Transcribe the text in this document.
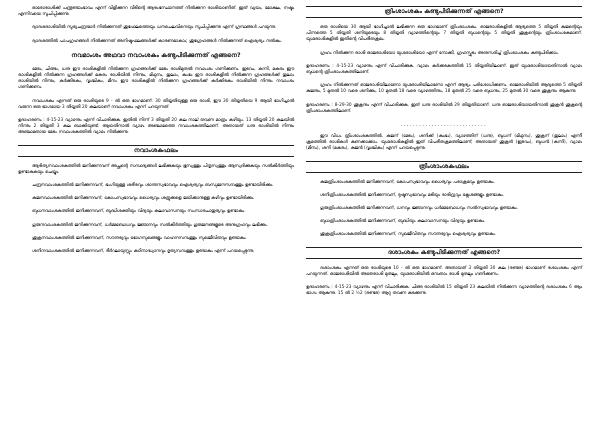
ഓരോരാശിക്ക് പന്ത്രണ്ടാംഭാവം എന്ന് വിളിക്കുന്ന വീടിന്റെ ആരംഭസ്ഥാനത്ത് നിൽക്കുന്ന രാശിയാണിത്. ഇത് വ്യയം, മോക്ഷം, നഷ്ടം എന്നിവയെ സൂചിപ്പിക്കുന്നു.

ദ്വാദശരാശിയിൽ സൂര്യചന്ദ്രന്മാർ നിൽക്കുന്നത് ശുഭഫലത്തെയും ധനചെലവിനെയും സൂചിപ്പിക്കുന്നു എന്ന് ഗ്രന്ഥങ്ങൾ പറയുന്നു.

ദ്വാദശത്തിൽ പാപഗ്രഹങ്ങൾ നിൽക്കുന്നത് അനിഷ്ടഫലങ്ങൾക്ക് കാരണമാകാം; ശുഭഗ്രഹങ്ങൾ നിൽക്കുന്നത് ഐശ്വര്യം നൽകും.

നവമാംശം അഥവാ നവാംശകം കണ്ടുപിടിക്കുന്നത് എങ്ങനെ?

മേടം, ചിങ്ങം, ധനു ഈ രാശികളിൽ നിൽക്കുന്ന ഗ്രഹങ്ങൾക്ക് മേടം രാശിമുതൽ നവാംശം ഗണിക്കണം. ഇടവം, കന്നി, മകരം ഈ രാശികളിൽ നിൽക്കുന്ന ഗ്രഹങ്ങൾക്ക് മകരം രാശിയിൽ നിന്നും, മിഥുനം, തുലാം, കുംഭം ഈ രാശികളിൽ നിൽക്കുന്ന ഗ്രഹങ്ങൾക്ക് തുലാം രാശിയിൽ നിന്നും, കർക്കിടകം, വൃശ്ചികം, മീനം ഈ രാശികളിൽ നിൽക്കുന്ന ഗ്രഹങ്ങൾക്ക് കർക്കിടകം രാശിയിൽ നിന്നും നവാംശം ഗണിക്കണം.

നവാംശകം എന്നത് ഒരു രാശിയുടെ 9 - ൽ ഒരു ഭാഗമാണ്. 30 തിയ്യതിയുള്ള ഒരു രാശി, ഈ 30 തിയ്യതിയെ 9 ആയി ഭാഗിച്ചാൽ വരുന്ന ഒരു ഭാഗമായ 3 തിയ്യതി 20 കലയാണ് നവാംശകം എന്ന് പറയുന്നത്.

ഉദാഹരണം : 4-15-23 വ്യാഴനും എന്ന് വിചാരിക്കുക. ഇതിൽ നിന്ന് 3 തിയ്യതി 20 കല നാല് തവണ മാത്രം കഴിയും. 13 തിയ്യതി 20 കലയിൽ നിന്നും 2 തിയ്യതി 3 കല ബാക്കിയുണ്ട്. ആയതിനാൽ വ്യാഴം അഞ്ചാമത്തെ നവാംശകത്തിലാണ്. അതായത് ധനു രാശിയിൽ നിന്നും അഞ്ചാമതായ മേടം നവാംശകത്തിൽ വ്യാഴം നിൽക്കുന്നു.

നവാംശകഫലം

ആദിത്യനവാംശകത്തിൽ ജനിക്കുന്നവന് അച്ഛന്റെ സമ്പാദ്യങ്ങൾ ലഭിക്കുകയും ഭൂസ്വത്തും പിതൃസ്വത്തും ആസ്വദിക്കുകയും സൽകീർത്തിയും ഉണ്ടാകുകയും ചെയ്യും.

ചന്ദ്രനവാംശകത്തിൽ ജനിക്കുന്നവന്, ഭംഗിയുള്ള ശരീരവും ശാന്തസ്വഭാവവും ഐശ്വര്യവും ബന്ധുജനസമ്പത്തും ഉണ്ടായിരിക്കും.

കുജനവാംശകത്തിൽ ജനിക്കുന്നവന്, കോപസ്വഭാവവും ധൈര്യവും ശത്രുക്കളെ ജയിക്കാനുള്ള കഴിവും ഉണ്ടായിരിക്കും.

ബുധനവാംശകത്തിൽ ജനിക്കുന്നവന്, ബുദ്ധിശക്തിയും വിദ്യയും കലാവാസനയും സംസാരചാതുര്യവും ഉണ്ടാകും.

ഗുരുനവാംശകത്തിൽ ജനിക്കുന്നവന്, ധർമ്മബോധവും ജ്ഞാനവും സൽകീർത്തിയും ഗുരുജനങ്ങളുടെ അനുഗ്രഹവും ലഭിക്കും.

ശുക്രനവാംശകത്തിൽ ജനിക്കുന്നവന്, സൗന്ദര്യവും ഭോഗസുഖങ്ങളും വാഹനസമ്പത്തും സുഖജീവിതവും ഉണ്ടാകും.

ശനിനവാംശകത്തിൽ ജനിക്കുന്നവന്, ദീർഘായുസ്സും കഠിനാദ്ധ്വാനവും ഭൃത്യസമ്പത്തും ഉണ്ടാകും എന്ന് പറയപ്പെടുന്നു.

ത്രിംശാംശകം കണ്ടുപിടിക്കുന്നത് എങ്ങനെ?

ഒരു രാശിയെ 30 ആയി ഭാഗിച്ചാൽ ലഭിക്കുന്ന ഒരു ഭാഗമാണ് ത്രിംശാംശകം. ഓജരാശികളിൽ ആദ്യത്തെ 5 തിയ്യതി കുജന്റെയും പിന്നത്തെ 5 തിയ്യതി ശനിയുടെയും 8 തിയ്യതി വ്യാഴത്തിന്റെയും 7 തിയ്യതി ബുധന്റെയും 5 തിയ്യതി ശുക്രന്റെയും ത്രിംശാംശകമാണ്. യുഗ്മരാശികളിൽ ഇതിന്റെ വിപരീതക്രമം.

ഗ്രഹം നിൽക്കുന്ന രാശി ഓജരാശിയോ യുഗ്മരാശിയോ എന്ന് നോക്കി, ഗ്രഹസ്ഫുടം അനുസരിച്ച് ത്രിംശാംശകം കണ്ടുപിടിക്കാം.

ഉദാഹരണം : 4-15-23 വ്യാഴനും എന്ന് വിചാരിക്കുക. വ്യാഴം കർക്കടകത്തിൽ 15 തിയ്യതിയിലാണ്. ഇത് യുഗ്മരാശിയായതിനാൽ വ്യാഴം ബുധന്റെ ത്രിംശാംശകത്തിലാണ്.

ഗ്രഹം നിൽക്കുന്നത് ഓജരാശിയിലാണോ യുഗ്മരാശിയിലാണോ എന്ന് ആദ്യം പരിശോധിക്കണം. ഓജരാശിയിൽ ആദ്യത്തെ 5 തിയ്യതി കുജനും, 5 മുതൽ 10 വരെ ശനിക്കും, 10 മുതൽ 18 വരെ വ്യാഴത്തിനും, 18 മുതൽ 25 വരെ ബുധനും, 25 മുതൽ 30 വരെ ശുക്രനും ആകുന്നു.

ഉദാഹരണം : 8-29-30 ശുക്രനും എന്ന് വിചാരിക്കുക. ഇത് ധനു രാശിയിൽ 29 തിയ്യതിയാണ്. ധനു ഓജരാശിയായതിനാൽ ശുക്രൻ ശുക്രന്റെ ത്രിംശാംശകത്തിലാണ്.

............................

ഈ വിധം ത്രിംശാംശകത്തിൽ, കുജന് (മേടം), ശനിക്ക് (കുംഭം), വ്യാഴത്തിന് (ധനു), ബുധന് (മിഥുനം), ശുക്രന് (തുലാം) എന്നീ ക്രമത്തിൽ രാശികൾ കണക്കാക്കാം. യുഗ്മരാശികളിൽ ഇത് വിപരീതക്രമത്തിലാണ്; അതായത് ശുക്രൻ (ഇടവം), ബുധൻ (കന്നി), വ്യാഴം (മീനം), ശനി (മകരം), കുജൻ (വൃശ്ചികം) എന്ന് പറയപ്പെടുന്നു.

ത്രിംശാംശകഫലം

കുജത്രിംശാംശകത്തിൽ ജനിക്കുന്നവന്, കോപസ്വഭാവവും ധൈര്യവും പരാക്രമവും ഉണ്ടാകും.

ശനിത്രിംശാംശകത്തിൽ ജനിക്കുന്നവന്, ദുഷ്ടസ്വഭാവവും മടിയും ദാരിദ്ര്യവും ക്ലേശങ്ങളും ഉണ്ടാകും.

ഗുരുത്രിംശാംശകത്തിൽ ജനിക്കുന്നവന്, ധനവും ജ്ഞാനവും ധർമ്മബോധവും സൽസ്വഭാവവും ഉണ്ടാകും.

ബുധത്രിംശാംശകത്തിൽ ജനിക്കുന്നവന്, ബുദ്ധിയും കലാവാസനയും വിദ്യയും ഉണ്ടാകും.

ശുക്രത്രിംശാംശകത്തിൽ ജനിക്കുന്നവന്, സുഖജീവിതവും സൗന്ദര്യവും ഐശ്വര്യവും ഉണ്ടാകും.

ദശാംശകം കണ്ടുപിടിക്കുന്നത് എങ്ങനെ?

ദശാംശകം എന്നത് ഒരു രാശിയുടെ 10 - ൽ ഒരു ഭാഗമാണ്. അതായത് 3 തിയ്യതി 30 കല (രണ്ടര) ഭാഗമാണ് ദശാംശകം എന്ന് പറയുന്നത്. ഓജരാശിയിൽ അതേരാശി മുതലും, യുഗ്മരാശിയിൽ ഒമ്പതാം രാശി മുതലും ഗണിക്കണം.

ഉദാഹരണം : 4-15-23 വ്യാഴനും എന്ന് വിചാരിക്കുക. ചിങ്ങ രാശിയിൽ 15 തിയ്യതി 23 കലയിൽ നിൽക്കുന്ന വ്യാഴത്തിന്റെ ദശാംശകം 6 ആം ഭാഗം ആകുന്നു. 15 ൽ 2 ½2 (രണ്ടര) ആറു തവണ കടക്കുന്നു.
